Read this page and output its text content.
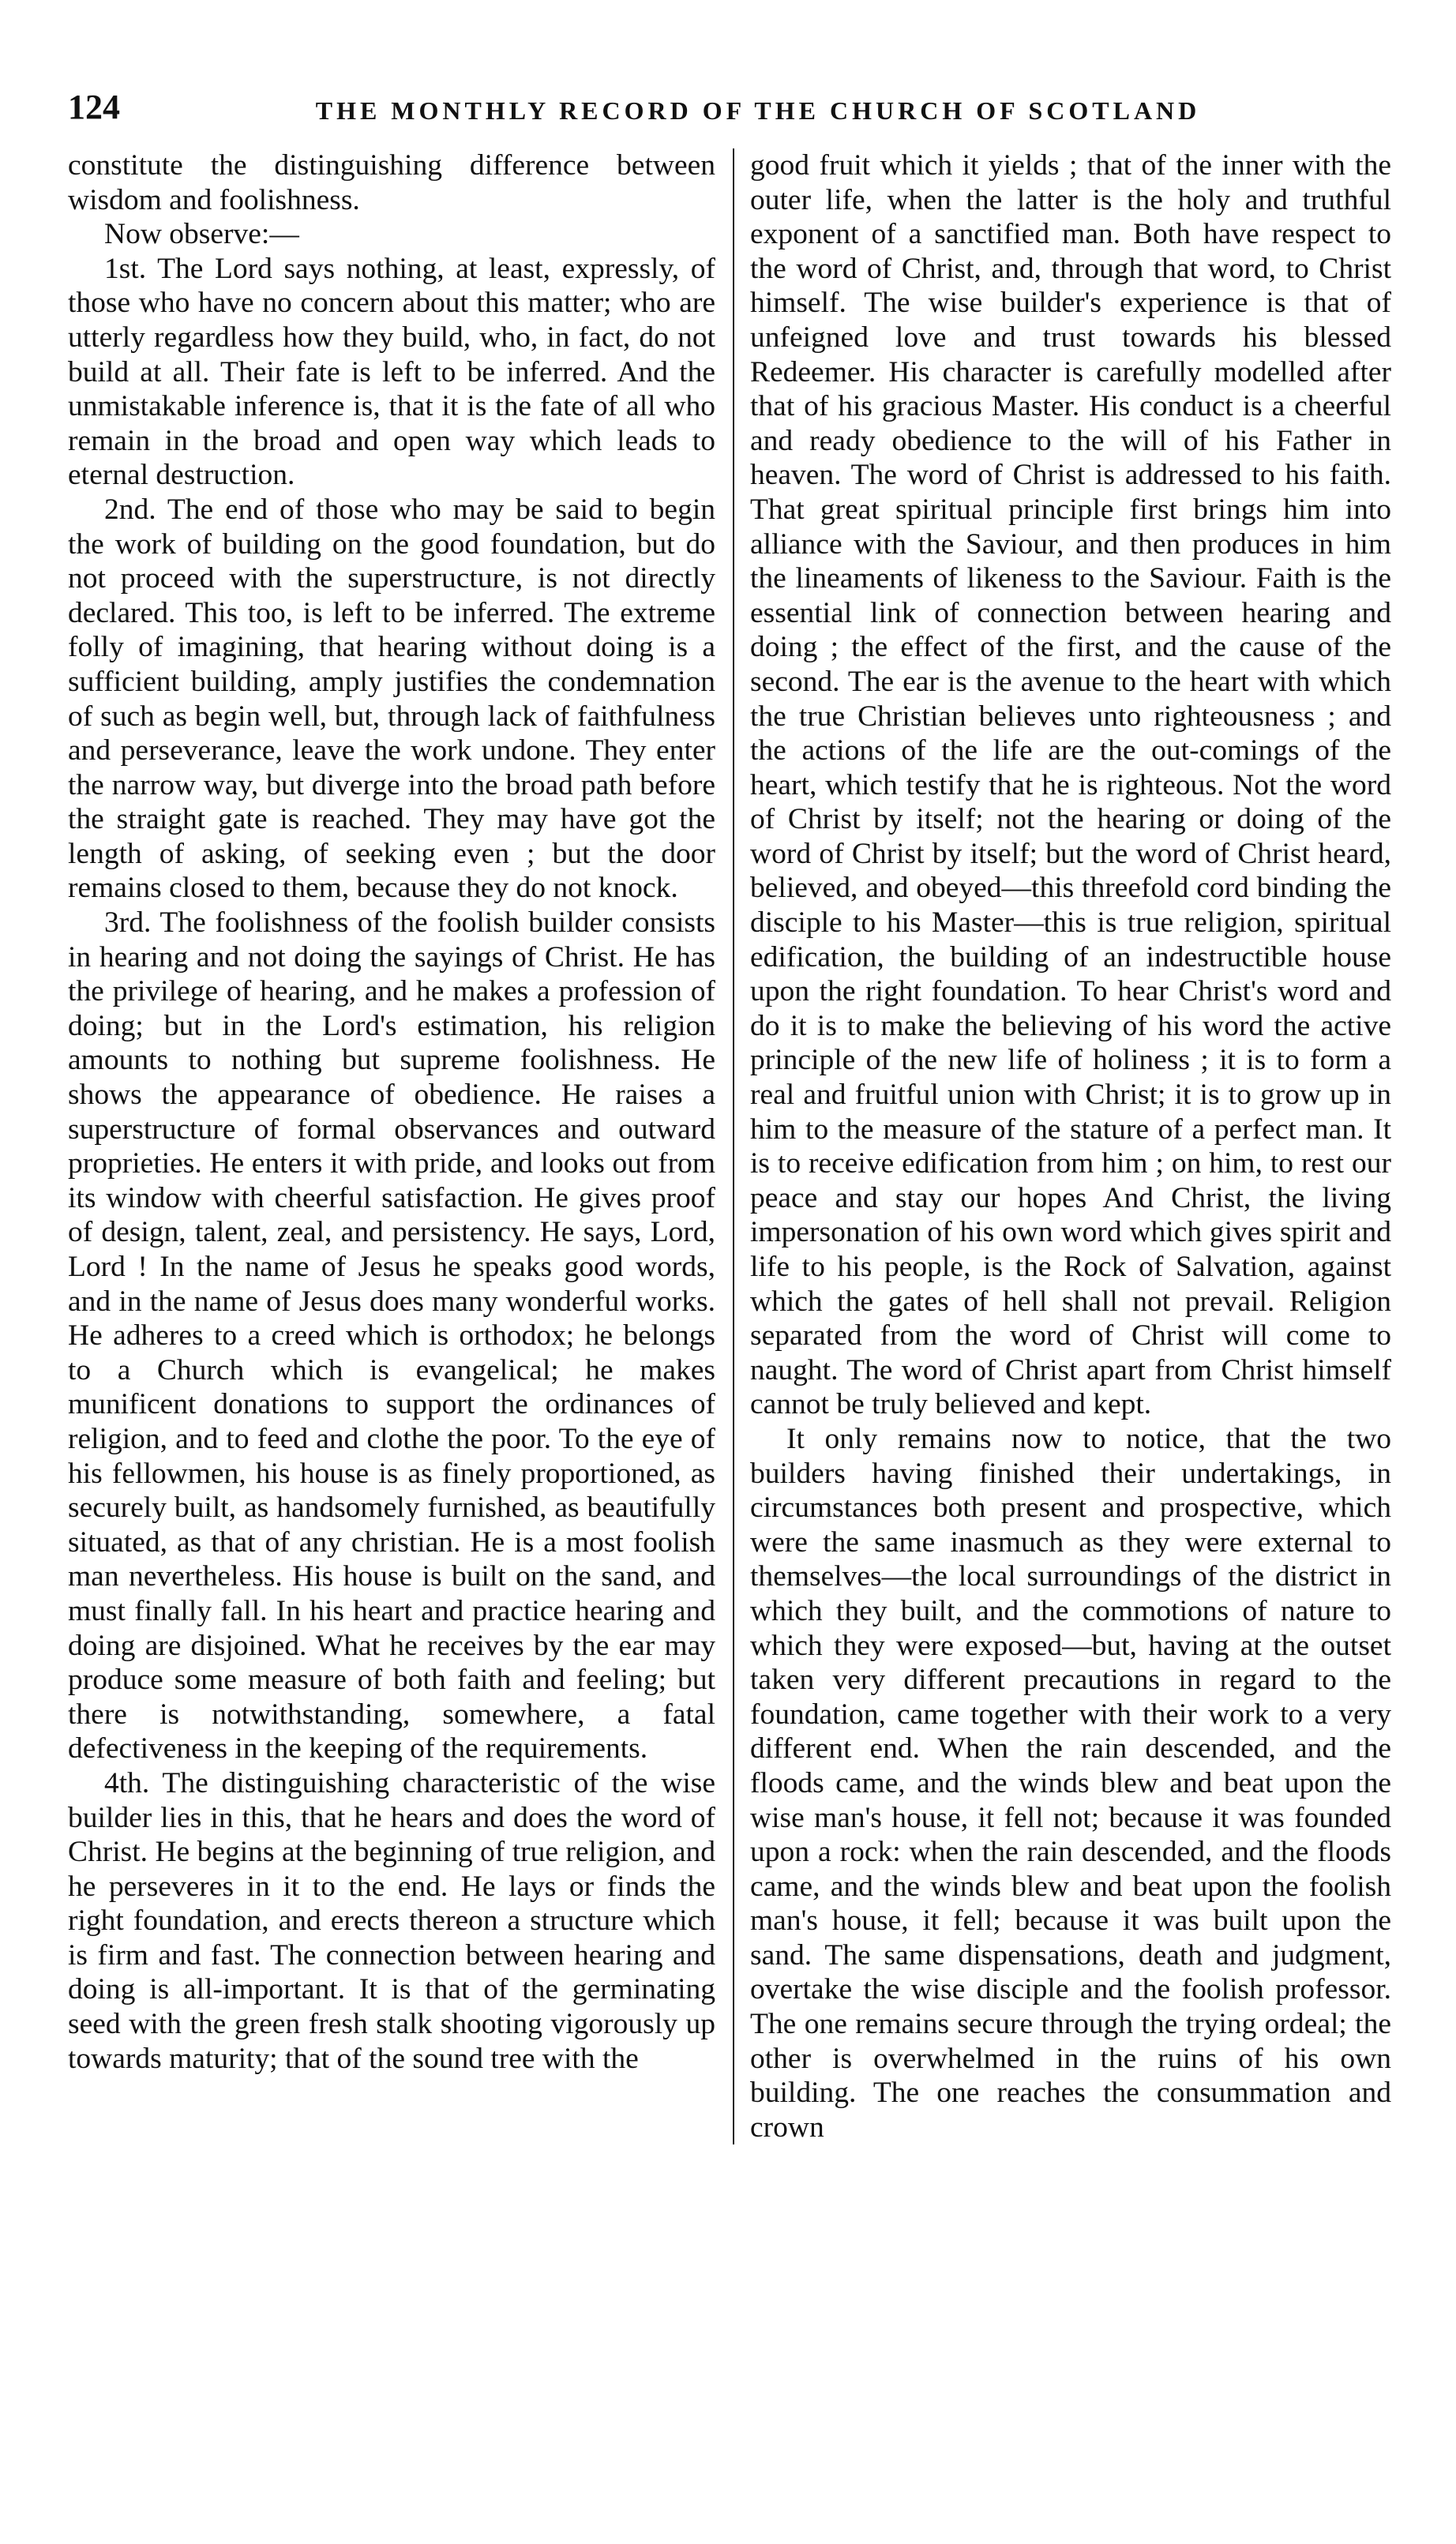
124	THE MONTHLY RECORD OF THE CHURCH OF SCOTLAND

constitute the distinguishing difference between wisdom and foolishness.

Now observe:—

1st. The Lord says nothing, at least, expressly, of those who have no concern about this matter; who are utterly regardless how they build, who, in fact, do not build at all. Their fate is left to be inferred. And the unmistakable inference is, that it is the fate of all who remain in the broad and open way which leads to eternal destruction.

2nd. The end of those who may be said to begin the work of building on the good foundation, but do not proceed with the superstructure, is not directly declared. This too, is left to be inferred. The extreme folly of imagining, that hearing without doing is a sufficient building, amply justifies the condemnation of such as begin well, but, through lack of faithfulness and perseverance, leave the work undone. They enter the narrow way, but diverge into the broad path before the straight gate is reached. They may have got the length of asking, of seeking even ; but the door remains closed to them, because they do not knock.

3rd. The foolishness of the foolish builder consists in hearing and not doing the sayings of Christ. He has the privilege of hearing, and he makes a profession of doing; but in the Lord's estimation, his religion amounts to nothing but supreme foolishness. He shows the appearance of obedience. He raises a superstructure of formal observances and outward proprieties. He enters it with pride, and looks out from its window with cheerful satisfaction. He gives proof of design, talent, zeal, and persistency. He says, Lord, Lord ! In the name of Jesus he speaks good words, and in the name of Jesus does many wonderful works. He adheres to a creed which is orthodox; he belongs to a Church which is evangelical; he makes munificent donations to support the ordinances of religion, and to feed and clothe the poor. To the eye of his fellowmen, his house is as finely proportioned, as securely built, as handsomely furnished, as beautifully situated, as that of any christian. He is a most foolish man nevertheless. His house is built on the sand, and must finally fall. In his heart and practice hearing and doing are disjoined. What he receives by the ear may produce some measure of both faith and feeling; but there is notwithstanding, somewhere, a fatal defectiveness in the keeping of the requirements.

4th. The distinguishing characteristic of the wise builder lies in this, that he hears and does the word of Christ. He begins at the beginning of true religion, and he perseveres in it to the end. He lays or finds the right foundation, and erects thereon a structure which is firm and fast. The connection between hearing and doing is all-important. It is that of the germinating seed with the green fresh stalk shooting vigorously up towards maturity; that of the sound tree with the

good fruit which it yields ; that of the inner with the outer life, when the latter is the holy and truthful exponent of a sanctified man. Both have respect to the word of Christ, and, through that word, to Christ himself. The wise builder's experience is that of unfeigned love and trust towards his blessed Redeemer. His character is carefully modelled after that of his gracious Master. His conduct is a cheerful and ready obedience to the will of his Father in heaven. The word of Christ is addressed to his faith. That great spiritual principle first brings him into alliance with the Saviour, and then produces in him the lineaments of likeness to the Saviour. Faith is the essential link of connection between hearing and doing ; the effect of the first, and the cause of the second. The ear is the avenue to the heart with which the true Christian believes unto righteousness ; and the actions of the life are the out-comings of the heart, which testify that he is righteous. Not the word of Christ by itself; not the hearing or doing of the word of Christ by itself; but the word of Christ heard, believed, and obeyed—this threefold cord binding the disciple to his Master—this is true religion, spiritual edification, the building of an indestructible house upon the right foundation. To hear Christ's word and do it is to make the believing of his word the active principle of the new life of holiness ; it is to form a real and fruitful union with Christ; it is to grow up in him to the measure of the stature of a perfect man. It is to receive edification from him ; on him, to rest our peace and stay our hopes And Christ, the living impersonation of his own word which gives spirit and life to his people, is the Rock of Salvation, against which the gates of hell shall not prevail. Religion separated from the word of Christ will come to naught. The word of Christ apart from Christ himself cannot be truly believed and kept.

It only remains now to notice, that the two builders having finished their undertakings, in circumstances both present and prospective, which were the same inasmuch as they were external to themselves—the local surroundings of the district in which they built, and the commotions of nature to which they were exposed—but, having at the outset taken very different precautions in regard to the foundation, came together with their work to a very different end. When the rain descended, and the floods came, and the winds blew and beat upon the wise man's house, it fell not; because it was founded upon a rock: when the rain descended, and the floods came, and the winds blew and beat upon the foolish man's house, it fell; because it was built upon the sand. The same dispensations, death and judgment, overtake the wise disciple and the foolish professor. The one remains secure through the trying ordeal; the other is overwhelmed in the ruins of his own building. The one reaches the consummation and crown
